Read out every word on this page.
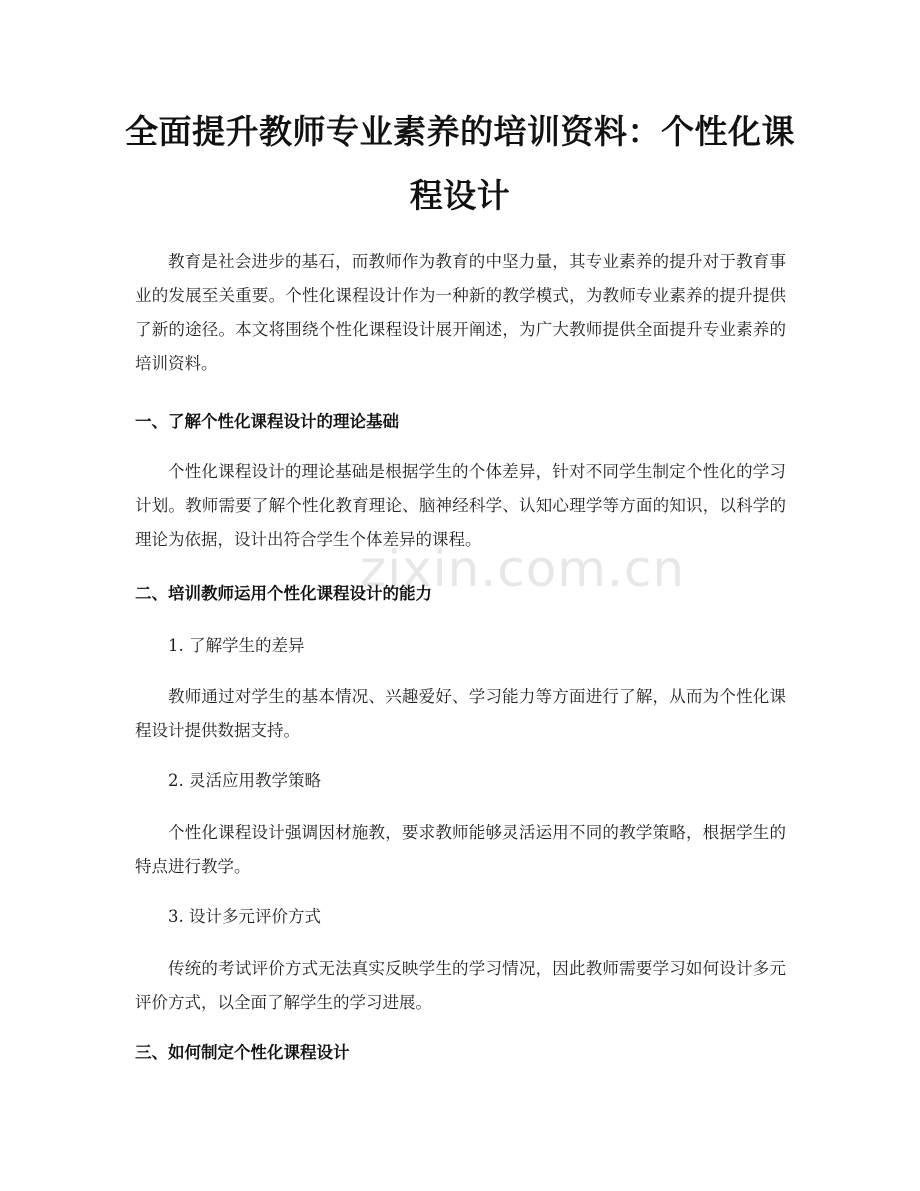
全面提升教师专业素养的培训资料：个性化课程设计

教育是社会进步的基石，而教师作为教育的中坚力量，其专业素养的提升对于教育事业的发展至关重要。个性化课程设计作为一种新的教学模式，为教师专业素养的提升提供了新的途径。本文将围绕个性化课程设计展开阐述，为广大教师提供全面提升专业素养的培训资料。

一、了解个性化课程设计的理论基础

个性化课程设计的理论基础是根据学生的个体差异，针对不同学生制定个性化的学习计划。教师需要了解个性化教育理论、脑神经科学、认知心理学等方面的知识，以科学的理论为依据，设计出符合学生个体差异的课程。

二、培训教师运用个性化课程设计的能力

1. 了解学生的差异

教师通过对学生的基本情况、兴趣爱好、学习能力等方面进行了解，从而为个性化课程设计提供数据支持。

2. 灵活应用教学策略

个性化课程设计强调因材施教，要求教师能够灵活运用不同的教学策略，根据学生的特点进行教学。

3. 设计多元评价方式

传统的考试评价方式无法真实反映学生的学习情况，因此教师需要学习如何设计多元评价方式，以全面了解学生的学习进展。

三、如何制定个性化课程设计
zixin.com.cn
